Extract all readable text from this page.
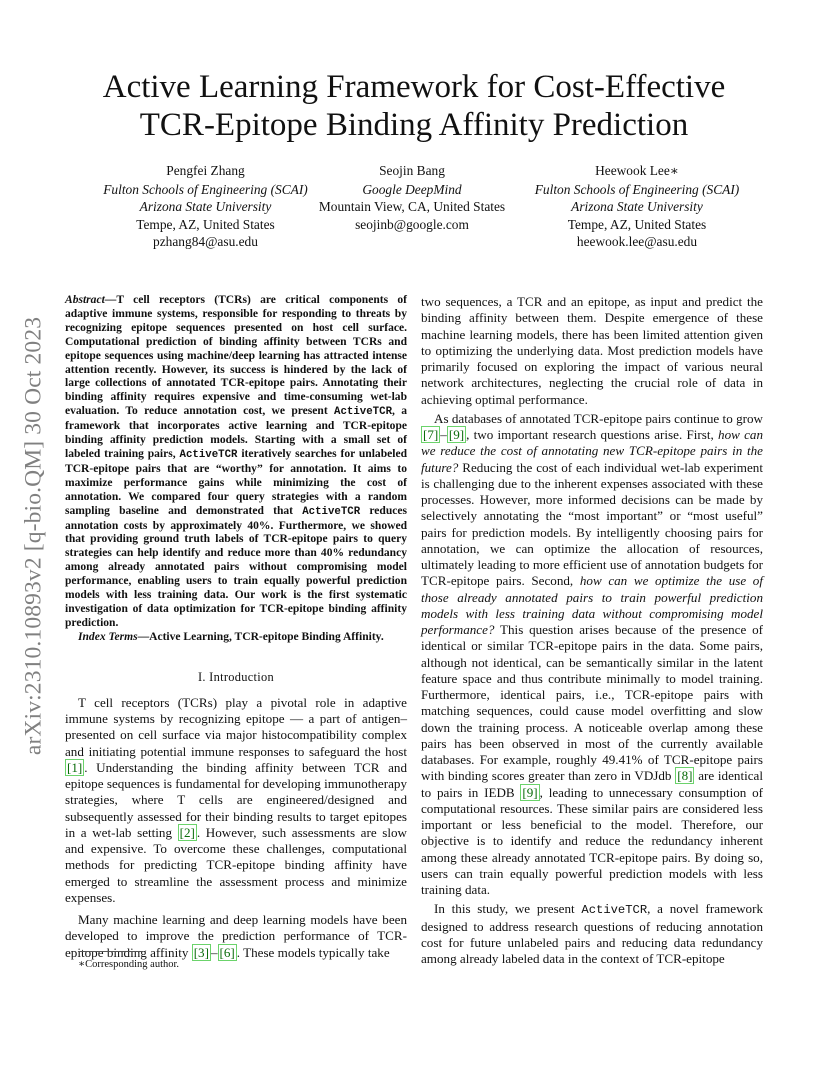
Active Learning Framework for Cost-Effective
TCR-Epitope Binding Affinity Prediction
Pengfei Zhang
Fulton Schools of Engineering (SCAI)
Arizona State University
Tempe, AZ, United States
pzhang84@asu.edu
Seojin Bang
Google DeepMind
Mountain View, CA, United States
seojinb@google.com
Heewook Lee∗
Fulton Schools of Engineering (SCAI)
Arizona State University
Tempe, AZ, United States
heewook.lee@asu.edu
arXiv:2310.10893v2 [q-bio.QM] 30 Oct 2023

Abstract—T cell receptors (TCRs) are critical components of adaptive immune systems, responsible for responding to threats by recognizing epitope sequences presented on host cell surface. Computational prediction of binding affinity between TCRs and epitope sequences using machine/deep learning has attracted intense attention recently. However, its success is hindered by the lack of large collections of annotated TCR-epitope pairs. Annotating their binding affinity requires expensive and time-consuming wet-lab evaluation. To reduce annotation cost, we present ActiveTCR, a framework that incorporates active learning and TCR-epitope binding affinity prediction models. Starting with a small set of labeled training pairs, ActiveTCR iteratively searches for unlabeled TCR-epitope pairs that are “worthy” for annotation. It aims to maximize performance gains while minimizing the cost of annotation. We compared four query strategies with a random sampling baseline and demonstrated that ActiveTCR reduces annotation costs by approximately 40%. Furthermore, we showed that providing ground truth labels of TCR-epitope pairs to query strategies can help identify and reduce more than 40% redundancy among already annotated pairs without compromising model performance, enabling users to train equally powerful prediction models with less training data. Our work is the first systematic investigation of data optimization for TCR-epitope binding affinity prediction.

Index Terms—Active Learning, TCR-epitope Binding Affinity.

I. Introduction

T cell receptors (TCRs) play a pivotal role in adaptive immune systems by recognizing epitope — a part of antigen–presented on cell surface via major histocompatibility complex and initiating potential immune responses to safeguard the host [1] . Understanding the binding affinity between TCR and epitope sequences is fundamental for developing immunotherapy strategies, where T cells are engineered/designed and subsequently assessed for their binding results to target epitopes in a wet-lab setting [2] . However, such assessments are slow and expensive. To overcome these challenges, computational methods for predicting TCR-epitope binding affinity have emerged to streamline the assessment process and minimize expenses.

Many machine learning and deep learning models have been developed to improve the prediction performance of TCR-epitope binding affinity [3] – [6] . These models typically take

∗Corresponding author.

two sequences, a TCR and an epitope, as input and predict the binding affinity between them. Despite emergence of these machine learning models, there has been limited attention given to optimizing the underlying data. Most prediction models have primarily focused on exploring the impact of various neural network architectures, neglecting the crucial role of data in achieving optimal performance.

As databases of annotated TCR-epitope pairs continue to grow [7] – [9] , two important research questions arise. First, how can we reduce the cost of annotating new TCR-epitope pairs in the future? Reducing the cost of each individual wet-lab experiment is challenging due to the inherent expenses associated with these processes. However, more informed decisions can be made by selectively annotating the “most important” or “most useful” pairs for prediction models. By intelligently choosing pairs for annotation, we can optimize the allocation of resources, ultimately leading to more efficient use of annotation budgets for TCR-epitope pairs. Second, how can we optimize the use of those already annotated pairs to train powerful prediction models with less training data without compromising model performance? This question arises because of the presence of identical or similar TCR-epitope pairs in the data. Some pairs, although not identical, can be semantically similar in the latent feature space and thus contribute minimally to model training. Furthermore, identical pairs, i.e., TCR-epitope pairs with matching sequences, could cause model overfitting and slow down the training process. A noticeable overlap among these pairs has been observed in most of the currently available databases. For example, roughly 49.41% of TCR-epitope pairs with binding scores greater than zero in VDJdb [8] are identical to pairs in IEDB [9] , leading to unnecessary consumption of computational resources. These similar pairs are considered less important or less beneficial to the model. Therefore, our objective is to identify and reduce the redundancy inherent among these already annotated TCR-epitope pairs. By doing so, users can train equally powerful prediction models with less training data.

In this study, we present ActiveTCR, a novel framework designed to address research questions of reducing annotation cost for future unlabeled pairs and reducing data redundancy among already labeled data in the context of TCR-epitope
